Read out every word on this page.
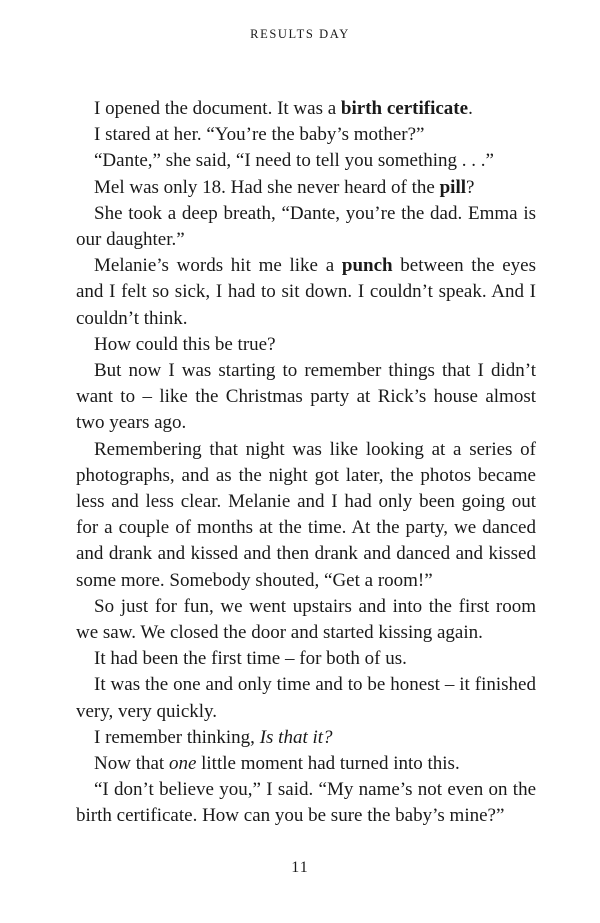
RESULTS DAY

I opened the document. It was a birth certificate.

I stared at her. “You’re the baby’s mother?”

“Dante,” she said, “I need to tell you something . . .”

Mel was only 18. Had she never heard of the pill?

She took a deep breath, “Dante, you’re the dad. Emma is our daughter.”

Melanie’s words hit me like a punch between the eyes and I felt so sick, I had to sit down. I couldn’t speak. And I couldn’t think.

How could this be true?

But now I was starting to remember things that I didn’t want to – like the Christmas party at Rick’s house almost two years ago.

Remembering that night was like looking at a series of photographs, and as the night got later, the photos became less and less clear. Melanie and I had only been going out for a couple of months at the time. At the party, we danced and drank and kissed and then drank and danced and kissed some more. Somebody shouted, “Get a room!”

So just for fun, we went upstairs and into the first room we saw. We closed the door and started kissing again.

It had been the first time – for both of us.

It was the one and only time and to be honest – it finished very, very quickly.

I remember thinking, Is that it?

Now that one little moment had turned into this.

“I don’t believe you,” I said. “My name’s not even on the birth certificate. How can you be sure the baby’s mine?”

11
